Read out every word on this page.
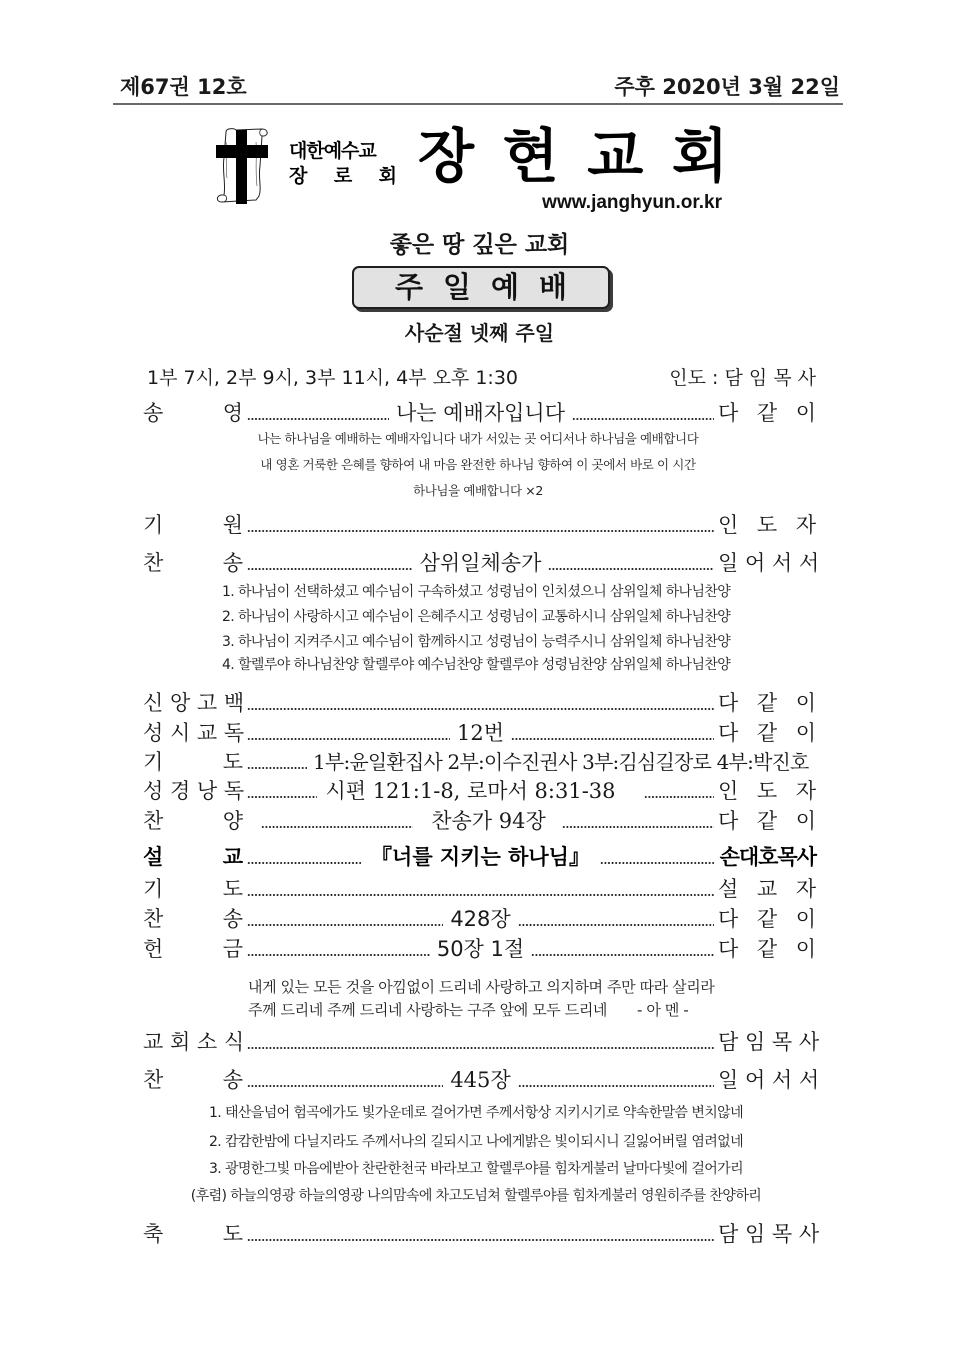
제67권 12호	주후 2020년 3월 22일
대한예수교
장 로 회 장 현 교 회
www.janghyun.or.kr
좋은 땅 깊은 교회
주 일 예 배
사순절 넷째 주일
1부 7시, 2부 9시, 3부 11시, 4부 오후 1:30	인도 : 담 임 목 사
송 영	나는 예배자입니다	다 같 이
나는 하나님을 예배하는 예배자입니다 내가 서있는 곳 어디서나 하나님을 예배합니다
내 영혼 거룩한 은혜를 향하여 내 마음 완전한 하나님 향하여 이 곳에서 바로 이 시간
하나님을 예배합니다 ×2
기 원	인 도 자
찬 송	삼위일체송가	일 어 서 서
1. 하나님이 선택하셨고 예수님이 구속하셨고 성령님이 인치셨으니 삼위일체 하나님찬양
2. 하나님이 사랑하시고 예수님이 은혜주시고 성령님이 교통하시니 삼위일체 하나님찬양
3. 하나님이 지켜주시고 예수님이 함께하시고 성령님이 능력주시니 삼위일체 하나님찬양
4. 할렐루야 하나님찬양 할렐루야 예수님찬양 할렐루야 성령님찬양 삼위일체 하나님찬양
신 앙 고 백	다 같 이
성 시 교 독	12번	다 같 이
기 도	1부:윤일환집사 2부:이수진권사 3부:김심길장로 4부:박진호
성 경 낭 독	시편 121:1-8, 로마서 8:31-38	인 도 자
찬 양	찬송가 94장	다 같 이
설 교	『너를 지키는 하나님』	손대호목사
기 도	설 교 자
찬 송	428장	다 같 이
헌 금	50장 1절	다 같 이
내게 있는 모든 것을 아낌없이 드리네 사랑하고 의지하며 주만 따라 살리라
주께 드리네 주께 드리네 사랑하는 구주 앞에 모두 드리네 - 아 멘 -
교 회 소 식	담 임 목 사
찬 송	445장	일 어 서 서
1. 태산을넘어 험곡에가도 빛가운데로 걸어가면 주께서항상 지키시기로 약속한말씀 변치않네
2. 캄캄한밤에 다닐지라도 주께서나의 길되시고 나에게밝은 빛이되시니 길잃어버릴 염려없네
3. 광명한그빛 마음에받아 찬란한천국 바라보고 할렐루야를 힘차게불러 날마다빛에 걸어가리
(후렴) 하늘의영광 하늘의영광 나의맘속에 차고도넘쳐 할렐루야를 힘차게불러 영원히주를 찬양하리
축 도	담 임 목 사
